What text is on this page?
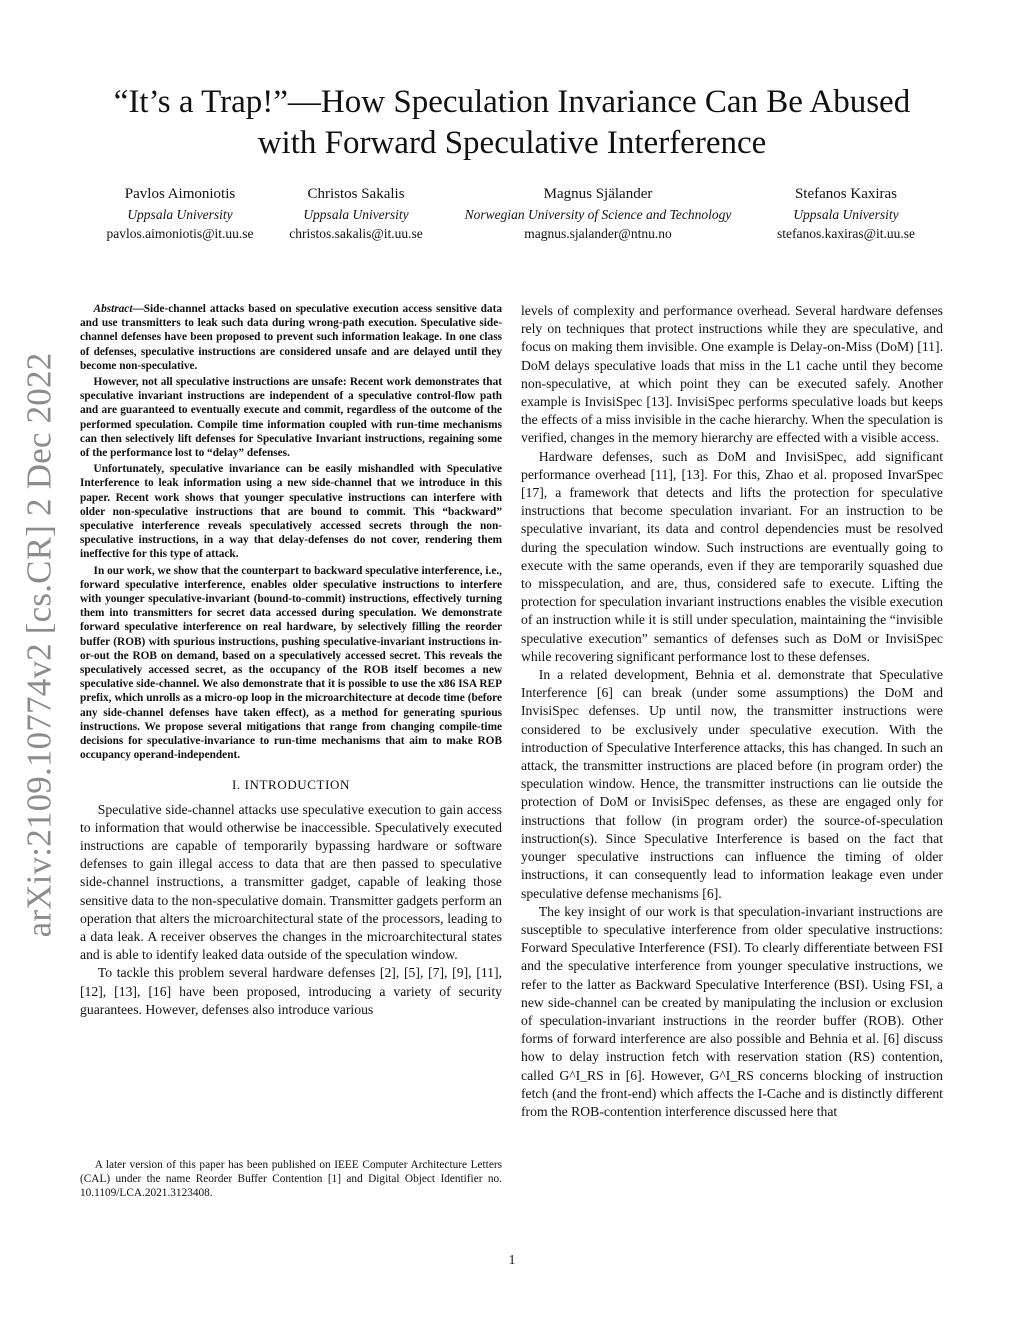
arXiv:2109.10774v2 [cs.CR] 2 Dec 2022
“It’s a Trap!”—How Speculation Invariance Can Be Abused
with Forward Speculative Interference
Pavlos Aimoniotis
Uppsala University
pavlos.aimoniotis@it.uu.se
Christos Sakalis
Uppsala University
christos.sakalis@it.uu.se
Magnus Själander
Norwegian University of Science and Technology
magnus.sjalander@ntnu.no
Stefanos Kaxiras
Uppsala University
stefanos.kaxiras@it.uu.se

Abstract—Side-channel attacks based on speculative execution access sensitive data and use transmitters to leak such data during wrong-path execution. Speculative side-channel defenses have been proposed to prevent such information leakage. In one class of defenses, speculative instructions are considered unsafe and are delayed until they become non-speculative.

However, not all speculative instructions are unsafe: Recent work demonstrates that speculative invariant instructions are independent of a speculative control-flow path and are guaranteed to eventually execute and commit, regardless of the outcome of the performed speculation. Compile time information coupled with run-time mechanisms can then selectively lift defenses for Speculative Invariant instructions, regaining some of the performance lost to “delay” defenses.

Unfortunately, speculative invariance can be easily mishandled with Speculative Interference to leak information using a new side-channel that we introduce in this paper. Recent work shows that younger speculative instructions can interfere with older non-speculative instructions that are bound to commit. This “backward” speculative interference reveals speculatively accessed secrets through the non-speculative instructions, in a way that delay-defenses do not cover, rendering them ineffective for this type of attack.

In our work, we show that the counterpart to backward speculative interference, i.e., forward speculative interference, enables older speculative instructions to interfere with younger speculative-invariant (bound-to-commit) instructions, effectively turning them into transmitters for secret data accessed during speculation. We demonstrate forward speculative interference on real hardware, by selectively filling the reorder buffer (ROB) with spurious instructions, pushing speculative-invariant instructions in-or-out the ROB on demand, based on a speculatively accessed secret. This reveals the speculatively accessed secret, as the occupancy of the ROB itself becomes a new speculative side-channel. We also demonstrate that it is possible to use the x86 ISA REP prefix, which unrolls as a micro-op loop in the microarchitecture at decode time (before any side-channel defenses have taken effect), as a method for generating spurious instructions. We propose several mitigations that range from changing compile-time decisions for speculative-invariance to run-time mechanisms that aim to make ROB occupancy operand-independent.

I. INTRODUCTION

Speculative side-channel attacks use speculative execution to gain access to information that would otherwise be inaccessible. Speculatively executed instructions are capable of temporarily bypassing hardware or software defenses to gain illegal access to data that are then passed to speculative side-channel instructions, a transmitter gadget, capable of leaking those sensitive data to the non-speculative domain. Transmitter gadgets perform an operation that alters the microarchitectural state of the processors, leading to a data leak. A receiver observes the changes in the microarchitectural states and is able to identify leaked data outside of the speculation window.

To tackle this problem several hardware defenses [2], [5], [7], [9], [11], [12], [13], [16] have been proposed, introducing a variety of security guarantees. However, defenses also introduce various

A later version of this paper has been published on IEEE Computer Architecture Letters (CAL) under the name Reorder Buffer Contention [1] and Digital Object Identifier no. 10.1109/LCA.2021.3123408.

levels of complexity and performance overhead. Several hardware defenses rely on techniques that protect instructions while they are speculative, and focus on making them invisible. One example is Delay-on-Miss (DoM) [11]. DoM delays speculative loads that miss in the L1 cache until they become non-speculative, at which point they can be executed safely. Another example is InvisiSpec [13]. InvisiSpec performs speculative loads but keeps the effects of a miss invisible in the cache hierarchy. When the speculation is verified, changes in the memory hierarchy are effected with a visible access.

Hardware defenses, such as DoM and InvisiSpec, add significant performance overhead [11], [13]. For this, Zhao et al. proposed InvarSpec [17], a framework that detects and lifts the protection for speculative instructions that become speculation invariant. For an instruction to be speculative invariant, its data and control dependencies must be resolved during the speculation window. Such instructions are eventually going to execute with the same operands, even if they are temporarily squashed due to misspeculation, and are, thus, considered safe to execute. Lifting the protection for speculation invariant instructions enables the visible execution of an instruction while it is still under speculation, maintaining the “invisible speculative execution” semantics of defenses such as DoM or InvisiSpec while recovering significant performance lost to these defenses.

In a related development, Behnia et al. demonstrate that Speculative Interference [6] can break (under some assumptions) the DoM and InvisiSpec defenses. Up until now, the transmitter instructions were considered to be exclusively under speculative execution. With the introduction of Speculative Interference attacks, this has changed. In such an attack, the transmitter instructions are placed before (in program order) the speculation window. Hence, the transmitter instructions can lie outside the protection of DoM or InvisiSpec defenses, as these are engaged only for instructions that follow (in program order) the source-of-speculation instruction(s). Since Speculative Interference is based on the fact that younger speculative instructions can influence the timing of older instructions, it can consequently lead to information leakage even under speculative defense mechanisms [6].

The key insight of our work is that speculation-invariant instructions are susceptible to speculative interference from older speculative instructions: Forward Speculative Interference (FSI). To clearly differentiate between FSI and the speculative interference from younger speculative instructions, we refer to the latter as Backward Speculative Interference (BSI). Using FSI, a new side-channel can be created by manipulating the inclusion or exclusion of speculation-invariant instructions in the reorder buffer (ROB). Other forms of forward interference are also possible and Behnia et al. [6] discuss how to delay instruction fetch with reservation station (RS) contention, called G^I_RS in [6]. However, G^I_RS concerns blocking of instruction fetch (and the front-end) which affects the I-Cache and is distinctly different from the ROB-contention interference discussed here that

1
